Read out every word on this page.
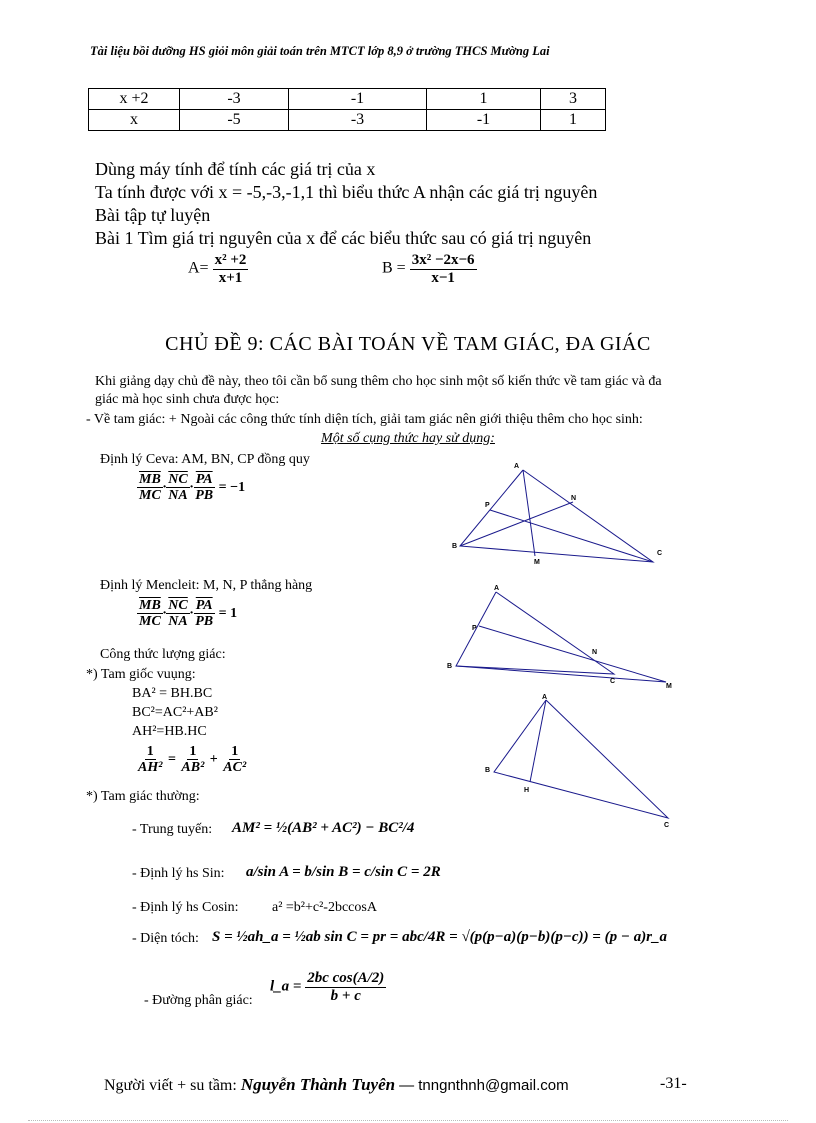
Tài liệu bồi dưỡng HS giỏi môn giải toán trên MTCT lớp 8,9 ở trường THCS Mường Lai
x +2	-3	-1	1	3
x	-5	-3	-1	1
Dùng máy tính để tính các giá trị của x
Ta tính được với x = -5,-3,-1,1 thì biểu thức A nhận các giá trị nguyên
Bài tập tự luyện
Bài 1 Tìm giá trị nguyên của x để các biểu thức sau có giá trị nguyên
$A= \frac{\text{x² +2}}{x+1}$	$B = \frac{\text{3x² −2x−6}}{x-1}$
CHỦ ĐỀ 9: CÁC BÀI TOÁN VỀ TAM GIÁC, ĐA GIÁC
Khi giảng dạy chủ đề này, theo tôi cần bổ sung thêm cho học sinh một số kiến thức về tam giác và đa
giác mà học sinh chưa được học:
- Về tam giác: + Ngoài các công thức tính diện tích, giải tam giác nên giới thiệu thêm cho học sinh:
Một số cụng thức hay sử dụng:
Định lý Ceva: AM, BN, CP đồng quy
$\frac{\overline{MB}}{MC} \cdot \frac{\overline{NC}}{NA} \cdot \frac{\overline{PA}}{PB} = -1$
A
B
C
M
N
P
Định lý Mencleit: M, N, P thẳng hàng
$\frac{\overline{MB}}{MC} \cdot \frac{\overline{NC}}{NA} \cdot \frac{\overline{PA}}{PB} = 1$
A
B
C
M
N
P
Công thức lượng giác:
*) Tam giốc vuụng:
BA² = BH.BC
BC²=AC²+AB²
AH²=HB.HC
$\frac{1}{\text{AH²}} = \frac{1}{\text{AB²}} + \frac{1}{\text{AC²}}$
A
B
C
H
*) Tam giác thường:
- Trung tuyến: AM² = ½(AB² + AC²) − BC²/4
- Định lý hs Sin: a/sin A = b/sin B = c/sin C = 2R
- Định lý hs Cosin: a² =b²+c²-2bccosA
- Diện tóch: S = ½ah_a = ½ab sin C = pr = abc/4R = √(p(p−a)(p−b)(p−c)) = (p − a)r_a
- Đường phân giác:
l_a = $\frac{\text{2bc cos(A/2)}}{b + c}$
Người viết + su tầm: Nguyễn Thành Tuyên — tnngnthnh@gmail.com	-31-
